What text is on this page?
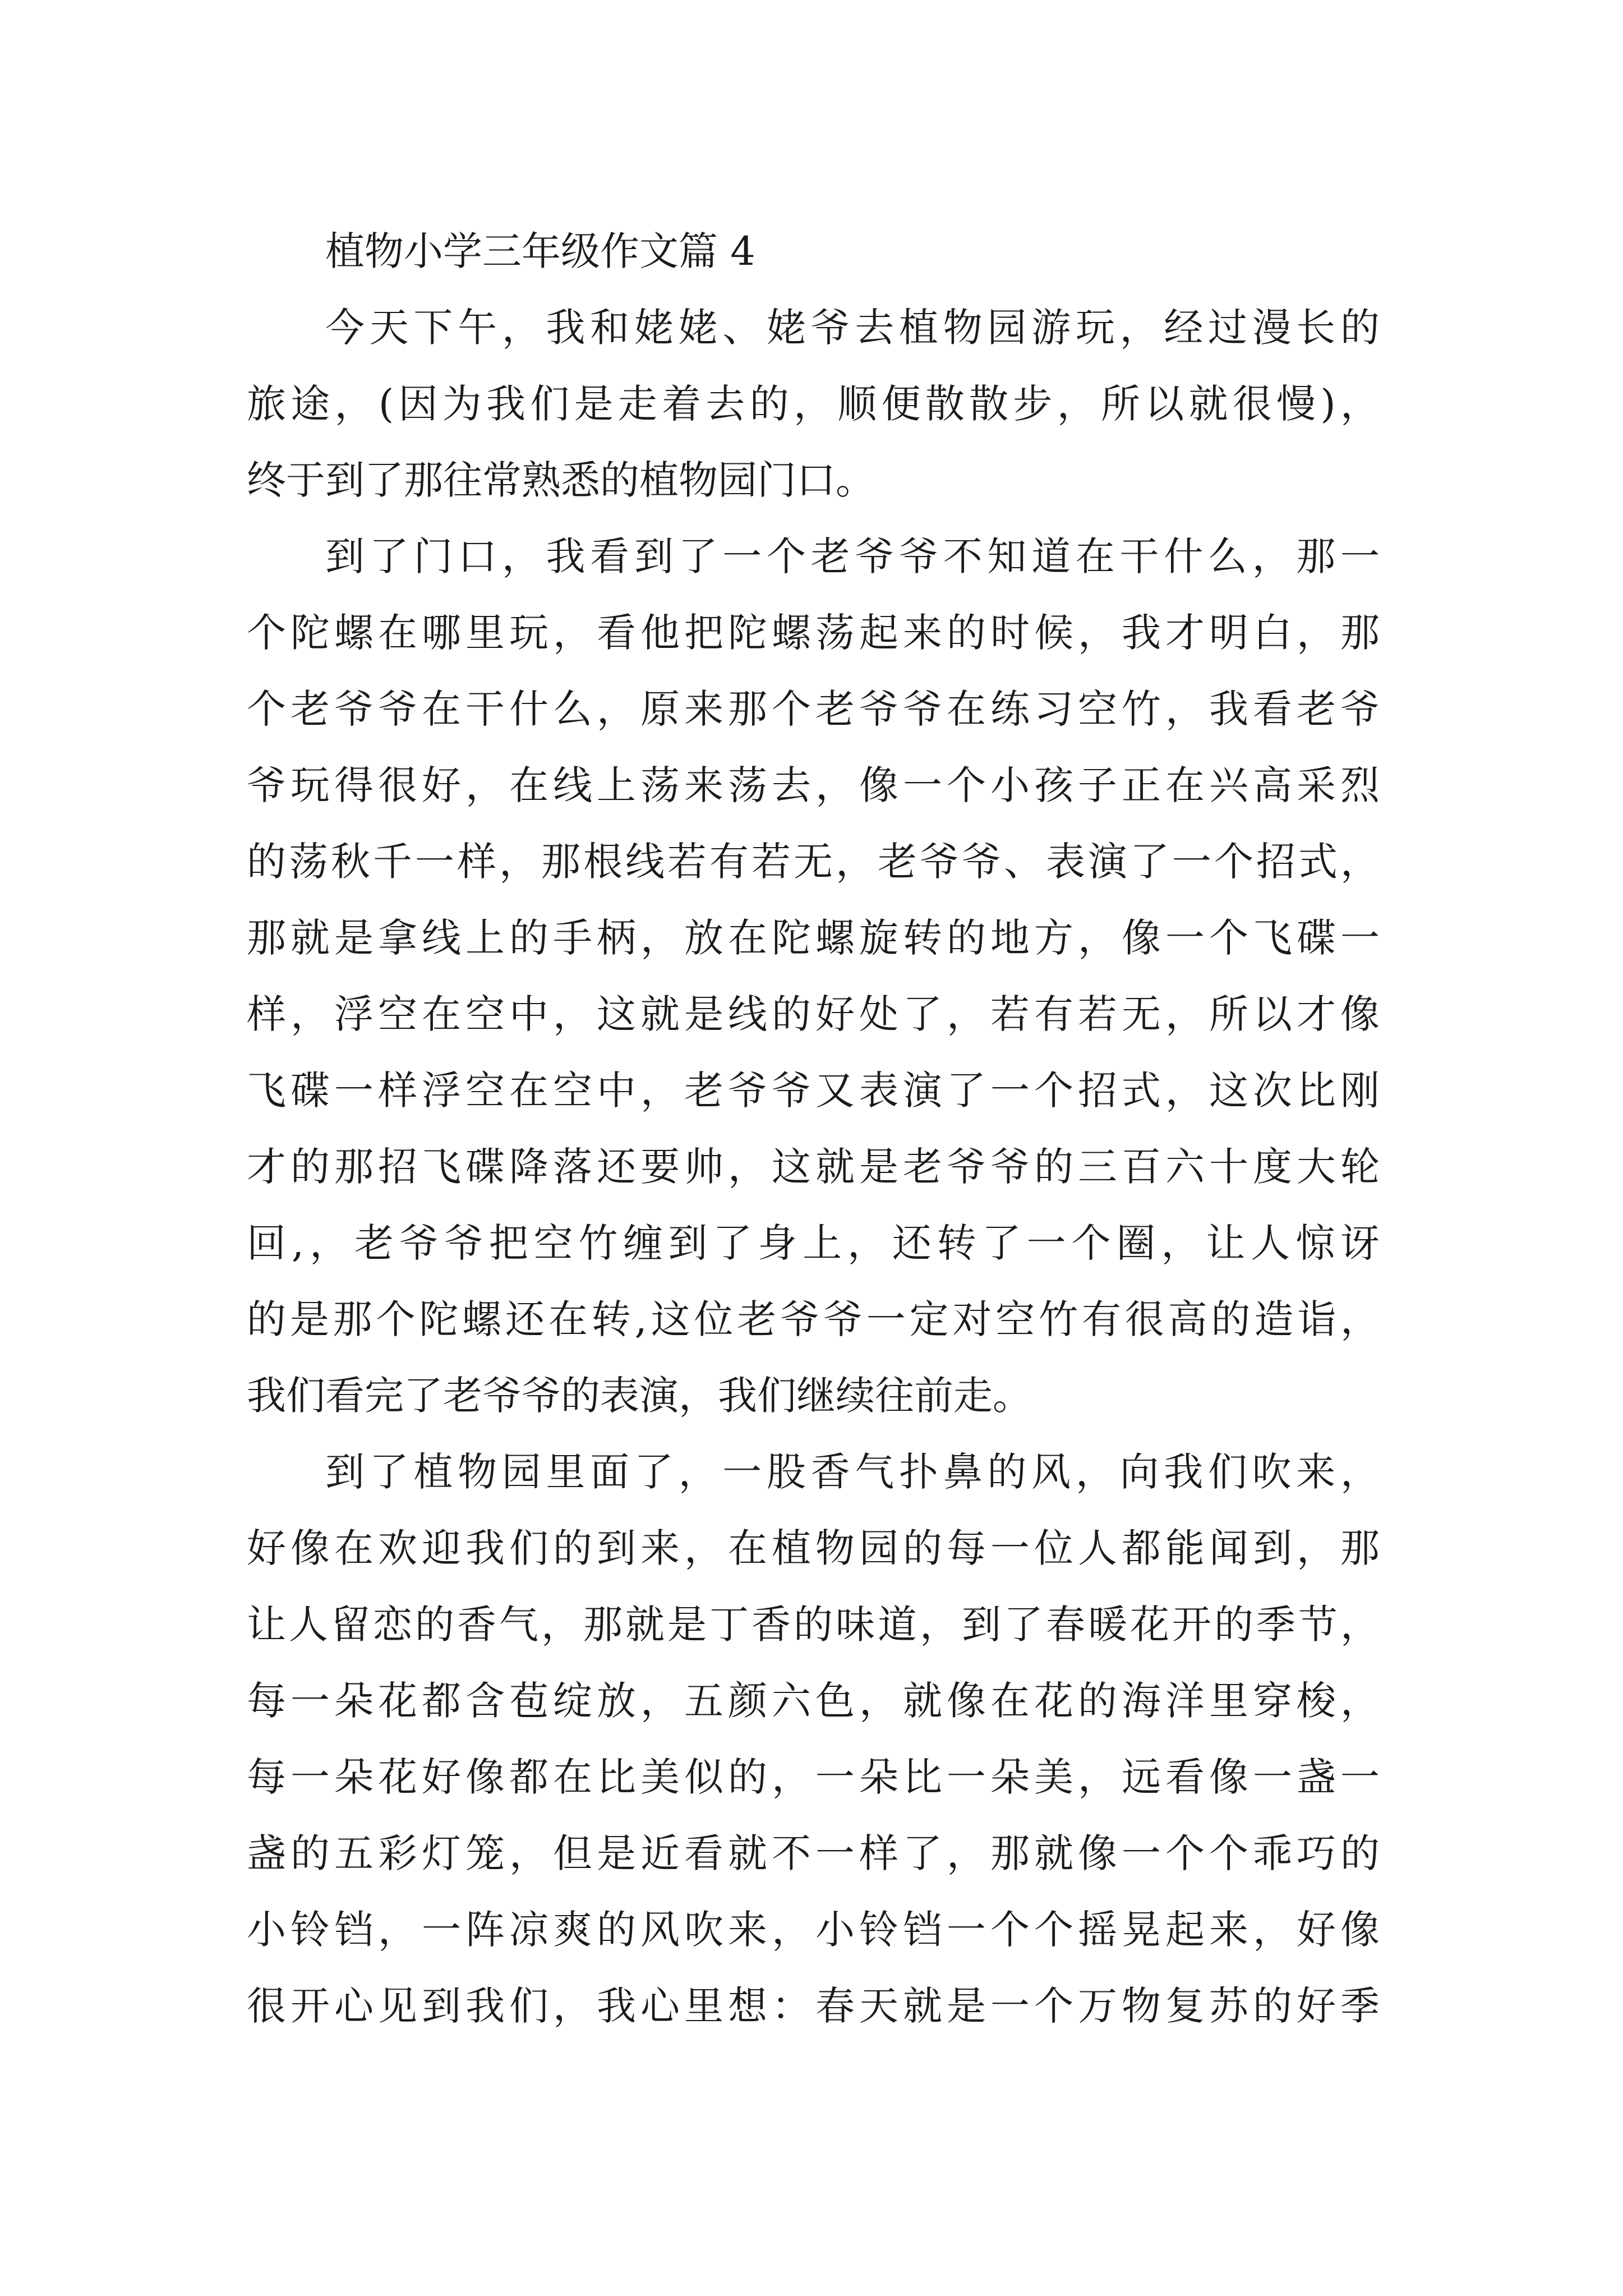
植物小学三年级作文篇 4

今天下午，我和姥姥、姥爷去植物园游玩，经过漫长的
旅途，(因为我们是走着去的，顺便散散步，所以就很慢)，
终于到了那往常熟悉的植物园门口。
到了门口，我看到了一个老爷爷不知道在干什么，那一
个陀螺在哪里玩，看他把陀螺荡起来的时候，我才明白，那
个老爷爷在干什么，原来那个老爷爷在练习空竹，我看老爷
爷玩得很好，在线上荡来荡去，像一个小孩子正在兴高采烈
的荡秋千一样，那根线若有若无，老爷爷、表演了一个招式，
那就是拿线上的手柄，放在陀螺旋转的地方，像一个飞碟一
样，浮空在空中，这就是线的好处了，若有若无，所以才像
飞碟一样浮空在空中，老爷爷又表演了一个招式，这次比刚
才的那招飞碟降落还要帅，这就是老爷爷的三百六十度大轮
回,，老爷爷把空竹缠到了身上，还转了一个圈，让人惊讶
的是那个陀螺还在转,这位老爷爷一定对空竹有很高的造诣，
我们看完了老爷爷的表演，我们继续往前走。
到了植物园里面了，一股香气扑鼻的风，向我们吹来，
好像在欢迎我们的到来，在植物园的每一位人都能闻到，那
让人留恋的香气，那就是丁香的味道，到了春暖花开的季节，
每一朵花都含苞绽放，五颜六色，就像在花的海洋里穿梭，
每一朵花好像都在比美似的，一朵比一朵美，远看像一盏一
盏的五彩灯笼，但是近看就不一样了，那就像一个个乖巧的
小铃铛，一阵凉爽的风吹来，小铃铛一个个摇晃起来，好像
很开心见到我们，我心里想：春天就是一个万物复苏的好季
